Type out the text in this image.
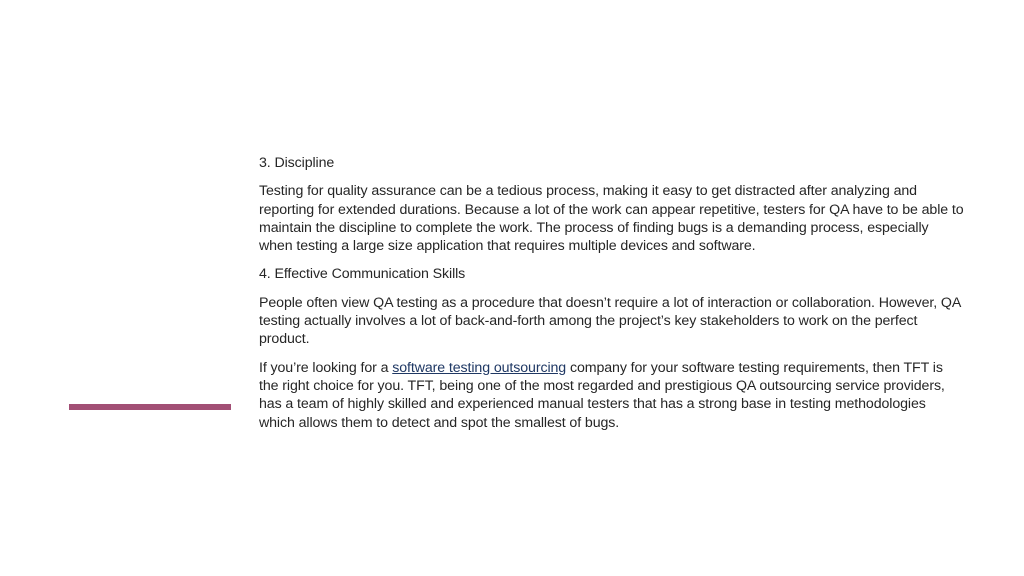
3. Discipline

Testing for quality assurance can be a tedious process, making it easy to get distracted after analyzing and reporting for extended durations. Because a lot of the work can appear repetitive, testers for QA have to be able to maintain the discipline to complete the work. The process of finding bugs is a demanding process, especially when testing a large size application that requires multiple devices and software.

4. Effective Communication Skills

People often view QA testing as a procedure that doesn’t require a lot of interaction or collaboration. However, QA testing actually involves a lot of back-and-forth among the project’s key stakeholders to work on the perfect product.

If you’re looking for a software testing outsourcing company for your software testing requirements, then TFT is the right choice for you. TFT, being one of the most regarded and prestigious QA outsourcing service providers, has a team of highly skilled and experienced manual testers that has a strong base in testing methodologies which allows them to detect and spot the smallest of bugs.
